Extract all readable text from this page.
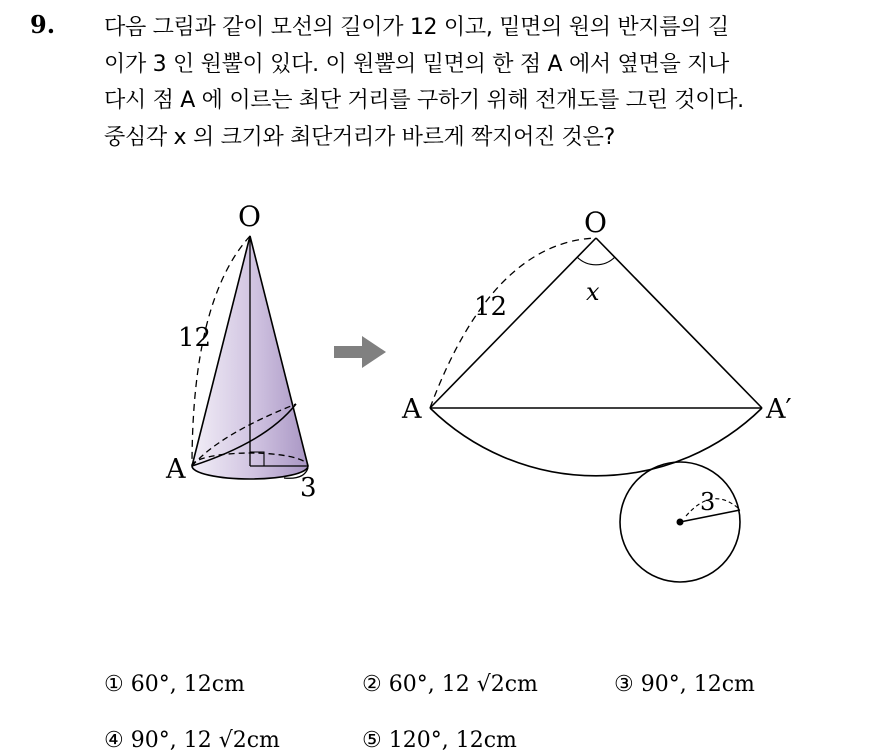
9. 다음 그림과 같이 모선의 길이가 12 이고, 밑면의 원의 반지름의 길
이가 3 인 원뿔이 있다. 이 원뿔의 밑면의 한 점 A 에서 옆면을 지나
다시 점 A 에 이르는 최단 거리를 구하기 위해 전개도를 그린 것이다.
중심각 x 의 크기와 최단거리가 바르게 짝지어진 것은?
O
A
12
3
O
x
12
A	A′
3
① 60°, 12cm	② 60°, 12 √2cm	③ 90°, 12cm
④ 90°, 12 √2cm	⑤ 120°, 12cm
